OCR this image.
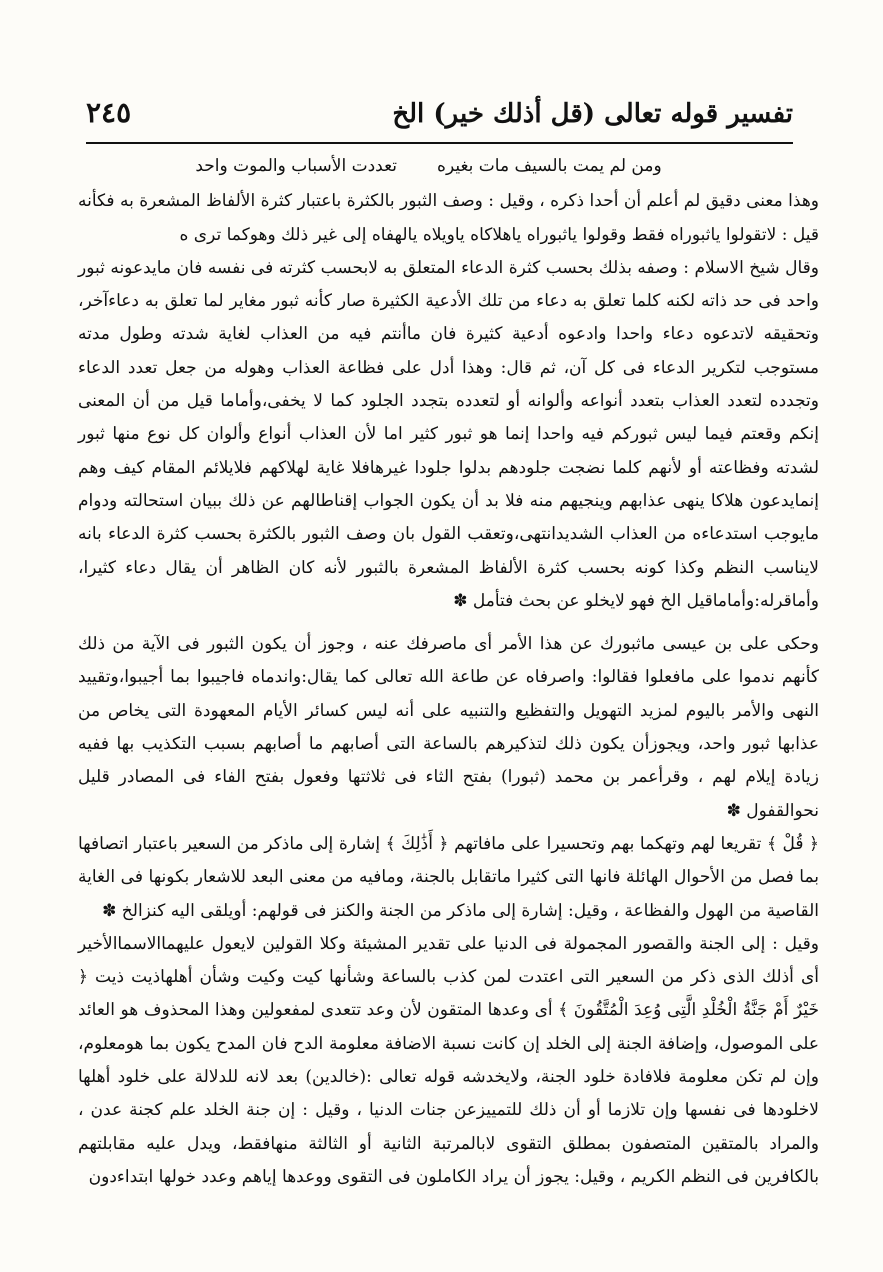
تفسير قوله تعالى (قل أذلك خير) الخ
٢٤٥
ومن لم يمت بالسيف مات بغيره
تعددت الأسباب والموت واحد

وهذا معنى دقيق لم أعلم أن أحدا ذكره ، وقيل : وصف الثبور بالكثرة باعتبار كثرة الألفاظ المشعرة به فكأنه قيل : لاتقولوا ياثبوراه فقط وقولوا ياثبوراه ياهلاكاه ياويلاه يالهفاه إلى غير ذلك وهوكما ترى ه

وقال شيخ الاسلام : وصفه بذلك بحسب كثرة الدعاء المتعلق به لابحسب كثرته فى نفسه فان مايدعونه ثبور واحد فى حد ذاته لكنه كلما تعلق به دعاء من تلك الأدعية الكثيرة صار كأنه ثبور مغاير لما تعلق به دعاءآخر، وتحقيقه لاتدعوه دعاء واحدا وادعوه أدعية كثيرة فان ماأنتم فيه من العذاب لغاية شدته وطول مدته مستوجب لتكرير الدعاء فى كل آن، ثم قال: وهذا أدل على فظاعة العذاب وهوله من جعل تعدد الدعاء وتجدده لتعدد العذاب بتعدد أنواعه وألوانه أو لتعدده بتجدد الجلود كما لا يخفى،وأماما قيل من أن المعنى إنكم وقعتم فيما ليس ثبوركم فيه واحدا إنما هو ثبور كثير اما لأن العذاب أنواع وألوان كل نوع منها ثبور لشدته وفظاعته أو لأنهم كلما نضجت جلودهم بدلوا جلودا غيرهافلا غاية لهلاكهم فلايلائم المقام كيف وهم إنمايدعون هلاكا ينهى عذابهم وينجيهم منه فلا بد أن يكون الجواب إقناطالهم عن ذلك ببيان استحالته ودوام مايوجب استدعاءه من العذاب الشديدانتهى،وتعقب القول بان وصف الثبور بالكثرة بحسب كثرة الدعاء بانه لايناسب النظم وكذا كونه بحسب كثرة الألفاظ المشعرة بالثبور لأنه كان الظاهر أن يقال دعاء كثيرا، وأماقرله:وأماماقيل الخ فهو لايخلو عن بحث فتأمل ✽

وحكى على بن عيسى ماثبورك عن هذا الأمر أى ماصرفك عنه ، وجوز أن يكون الثبور فى الآية من ذلك كأنهم ندموا على مافعلوا فقالوا: واصرفاه عن طاعة الله تعالى كما يقال:واندماه فاجيبوا بما أجيبوا،وتقييد النهى والأمر باليوم لمزيد التهويل والتفظيع والتنبيه على أنه ليس كسائر الأيام المعهودة التى يخاص من عذابها ثبور واحد، ويجوزأن يكون ذلك لتذكيرهم بالساعة التى أصابهم ما أصابهم بسبب التكذيب بها ففيه زيادة إيلام لهم ، وقرأعمر بن محمد (ثبورا) بفتح الثاء فى ثلاثتها وفعول بفتح الفاء فى المصادر قليل نحوالقفول ✽

﴿ قُلْ ﴾ تقريعا لهم وتهكما بهم وتحسيرا على مافاتهم ﴿ أَذَٰلِكَ ﴾ إشارة إلى ماذكر من السعير باعتبار اتصافها بما فصل من الأحوال الهائلة فانها التى كثيرا ماتقابل بالجنة، ومافيه من معنى البعد للاشعار بكونها فى الغاية القاصية من الهول والفظاعة ، وقيل: إشارة إلى ماذكر من الجنة والكنز فى قولهم: أويلقى اليه كنزالخ ✽

وقيل : إلى الجنة والقصور المجمولة فى الدنيا على تقدير المشيئة وكلا القولين لايعول عليهماالاسماالأخير أى أذلك الذى ذكر من السعير التى اعتدت لمن كذب بالساعة وشأنها كيت وكيت وشأن أهلهاذيت ذيت ﴿ خَيْرٌ أَمْ جَنَّةُ الْخُلْدِ الَّتِى وُعِدَ الْمُتَّقُونَ ﴾ أى وعدها المتقون لأن وعد تتعدى لمفعولين وهذا المحذوف هو العائد على الموصول، وإضافة الجنة إلى الخلد إن كانت نسبة الاضافة معلومة الدح فان المدح يكون بما هومعلوم، وإن لم تكن معلومة فلافادة خلود الجنة، ولايخدشه قوله تعالى :(خالدين) بعد لانه للدلالة على خلود أهلها لاخلودها فى نفسها وإن تلازما أو أن ذلك للتمييزعن جنات الدنيا ، وقيل : إن جنة الخلد علم كجنة عدن ، والمراد بالمتقين المتصفون بمطلق التقوى لابالمرتبة الثانية أو الثالثة منهافقط، ويدل عليه مقابلتهم بالكافرين فى النظم الكريم ، وقيل: يجوز أن يراد الكاملون فى التقوى ووعدها إياهم وعدد خولها ابتداءدون
